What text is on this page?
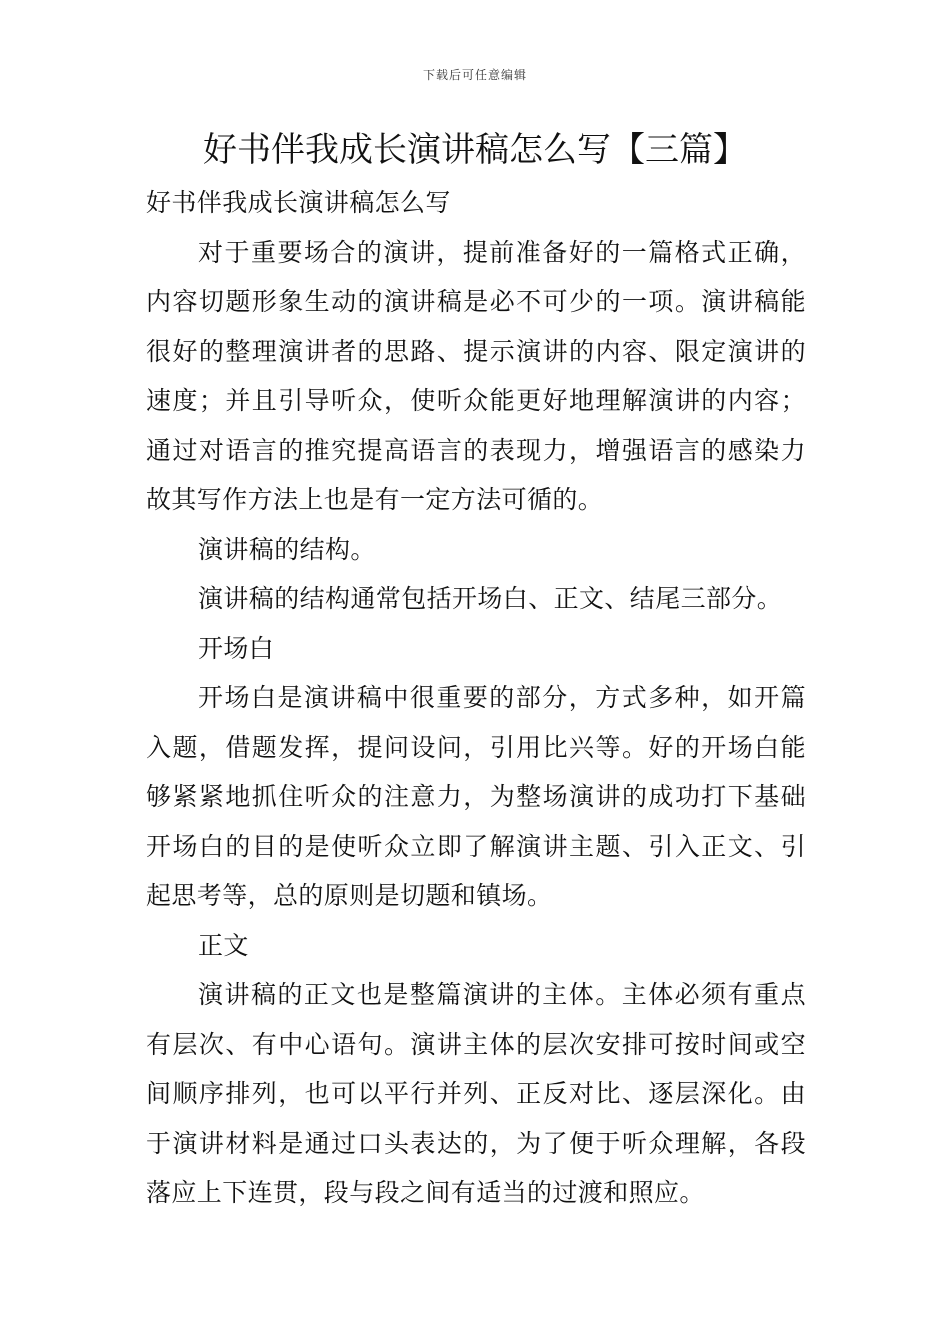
下载后可任意编辑
好书伴我成长演讲稿怎么写【三篇】

好书伴我成长演讲稿怎么写

对于重要场合的演讲，提前准备好的一篇格式正确，内容切题形象生动的演讲稿是必不可少的一项。演讲稿能很好的整理演讲者的思路、提示演讲的内容、限定演讲的速度；并且引导听众，使听众能更好地理解演讲的内容；通过对语言的推究提高语言的表现力，增强语言的感染力故其写作方法上也是有一定方法可循的。

演讲稿的结构。

演讲稿的结构通常包括开场白、正文、结尾三部分。

开场白

开场白是演讲稿中很重要的部分，方式多种，如开篇入题，借题发挥，提问设问，引用比兴等。好的开场白能够紧紧地抓住听众的注意力，为整场演讲的成功打下基础开场白的目的是使听众立即了解演讲主题、引入正文、引起思考等，总的原则是切题和镇场。

正文

演讲稿的正文也是整篇演讲的主体。主体必须有重点有层次、有中心语句。演讲主体的层次安排可按时间或空间顺序排列，也可以平行并列、正反对比、逐层深化。由于演讲材料是通过口头表达的，为了便于听众理解，各段落应上下连贯，段与段之间有适当的过渡和照应。
